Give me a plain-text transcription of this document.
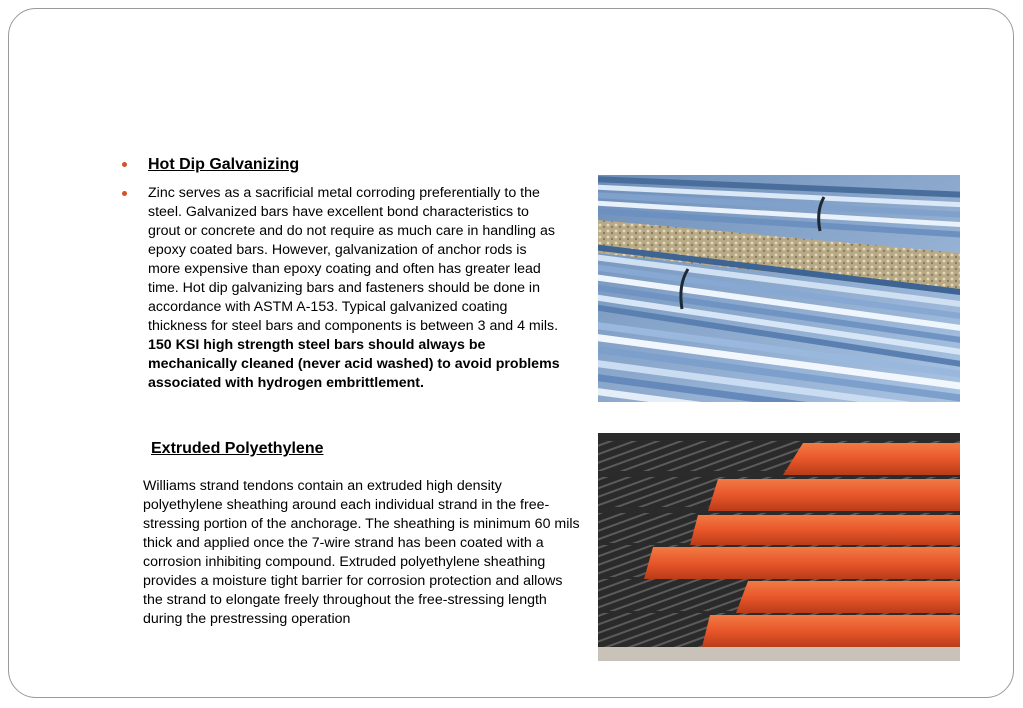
Hot Dip Galvanizing
Zinc serves as a sacrificial metal corroding preferentially to the steel. Galvanized bars have excellent bond characteristics to grout or concrete and do not require as much care in handling as epoxy coated bars. However, galvanization of anchor rods is more expensive than epoxy coating and often has greater lead time. Hot dip galvanizing bars and fasteners should be done in accordance with ASTM A-153. Typical galvanized coating thickness for steel bars and components is between 3 and 4 mils. 150 KSI high strength steel bars should always be mechanically cleaned (never acid washed) to avoid problems associated with hydrogen embrittlement.
Extruded Polyethylene
Williams strand tendons contain an extruded high density polyethylene sheathing around each individual strand in the free-stressing portion of the anchorage. The sheathing is minimum 60 mils thick and applied once the 7-wire strand has been coated with a corrosion inhibiting compound. Extruded polyethylene sheathing provides a moisture tight barrier for corrosion protection and allows the strand to elongate freely throughout the free-stressing length during the prestressing operation
